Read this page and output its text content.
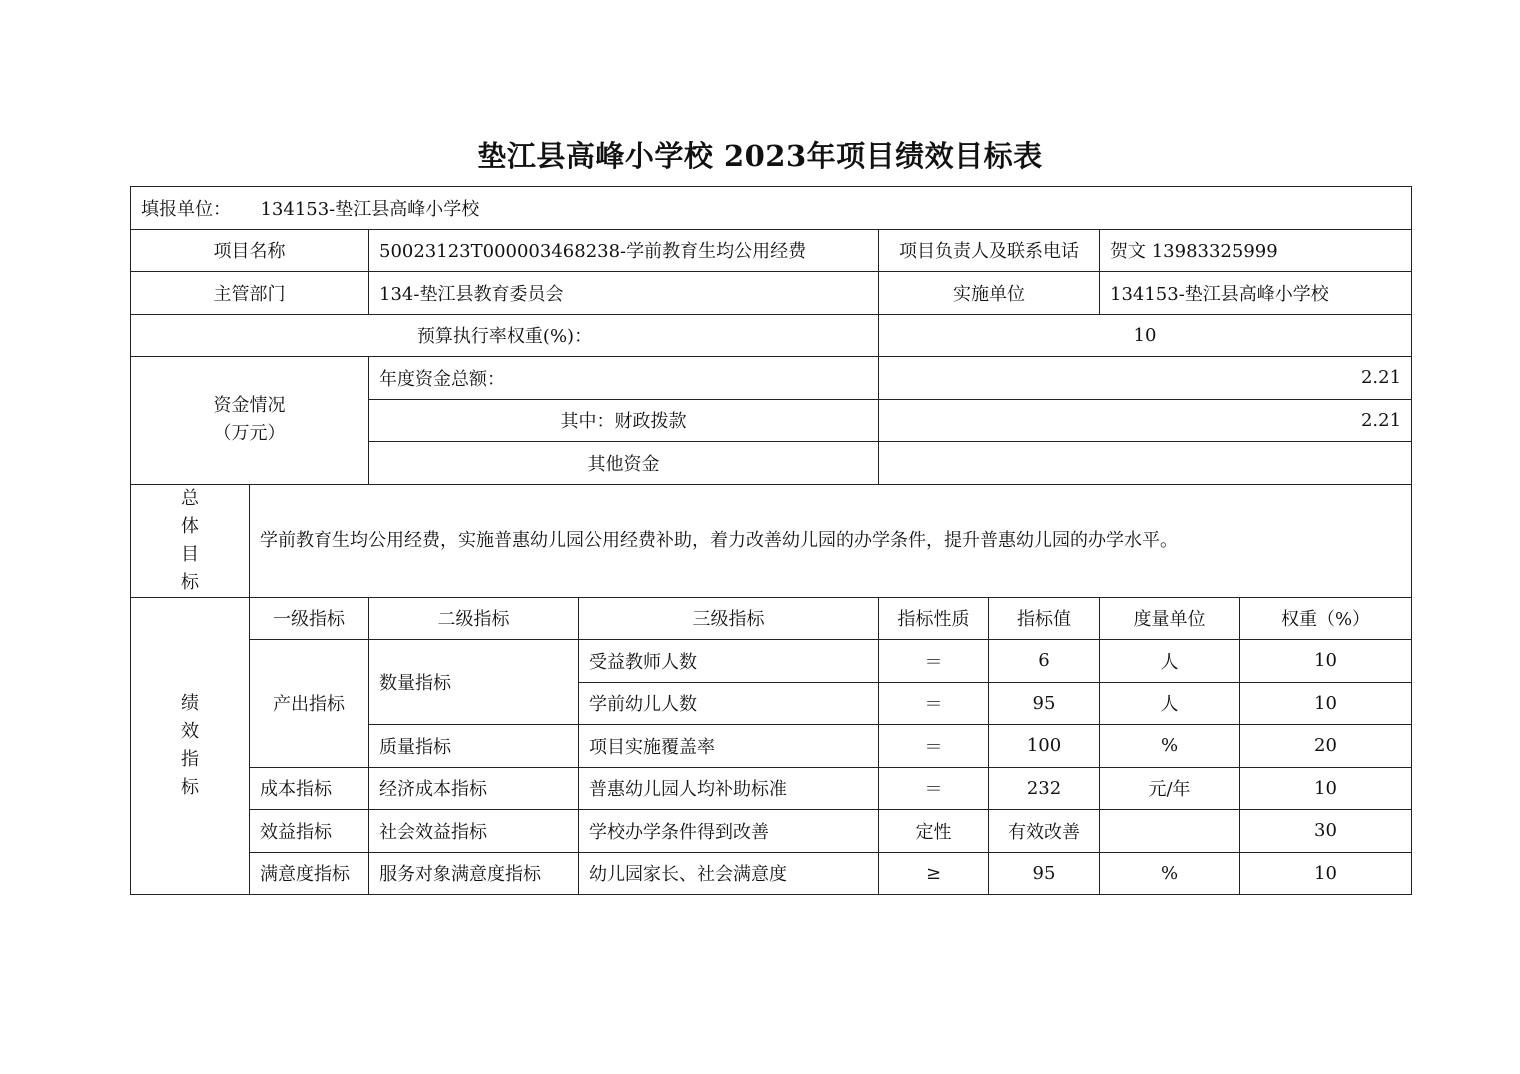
垫江县高峰小学校 2023年项目绩效目标表
填报单位： 134153-垫江县高峰小学校							
项目名称		50023123T000003468238-学前教育生均公用经费		项目负责人及联系电话		贺文 13983325999	
主管部门		134-垫江县教育委员会		实施单位		134153-垫江县高峰小学校	
预算执行率权重(%)：				10			

资金情况
（万元）		年度资金总额：		2.21			
		其中：财政拨款		2.21			
		其他资金					

总
体
目
标	学前教育生均公用经费，实施普惠幼儿园公用经费补助，着力改善幼儿园的办学条件，提升普惠幼儿园的办学水平。						

绩
效
指
标	一级指标	二级指标	三级指标	指标性质	指标值	度量单位	权重（%）
	产出指标	数量指标	受益教师人数	＝	6	人	10
			学前幼儿人数	＝	95	人	10
		质量指标	项目实施覆盖率	＝	100	%	20
	成本指标	经济成本指标	普惠幼儿园人均补助标准	＝	232	元/年	10
	效益指标	社会效益指标	学校办学条件得到改善	定性	有效改善		30
	满意度指标	服务对象满意度指标	幼儿园家长、社会满意度	≥	95	%	10
